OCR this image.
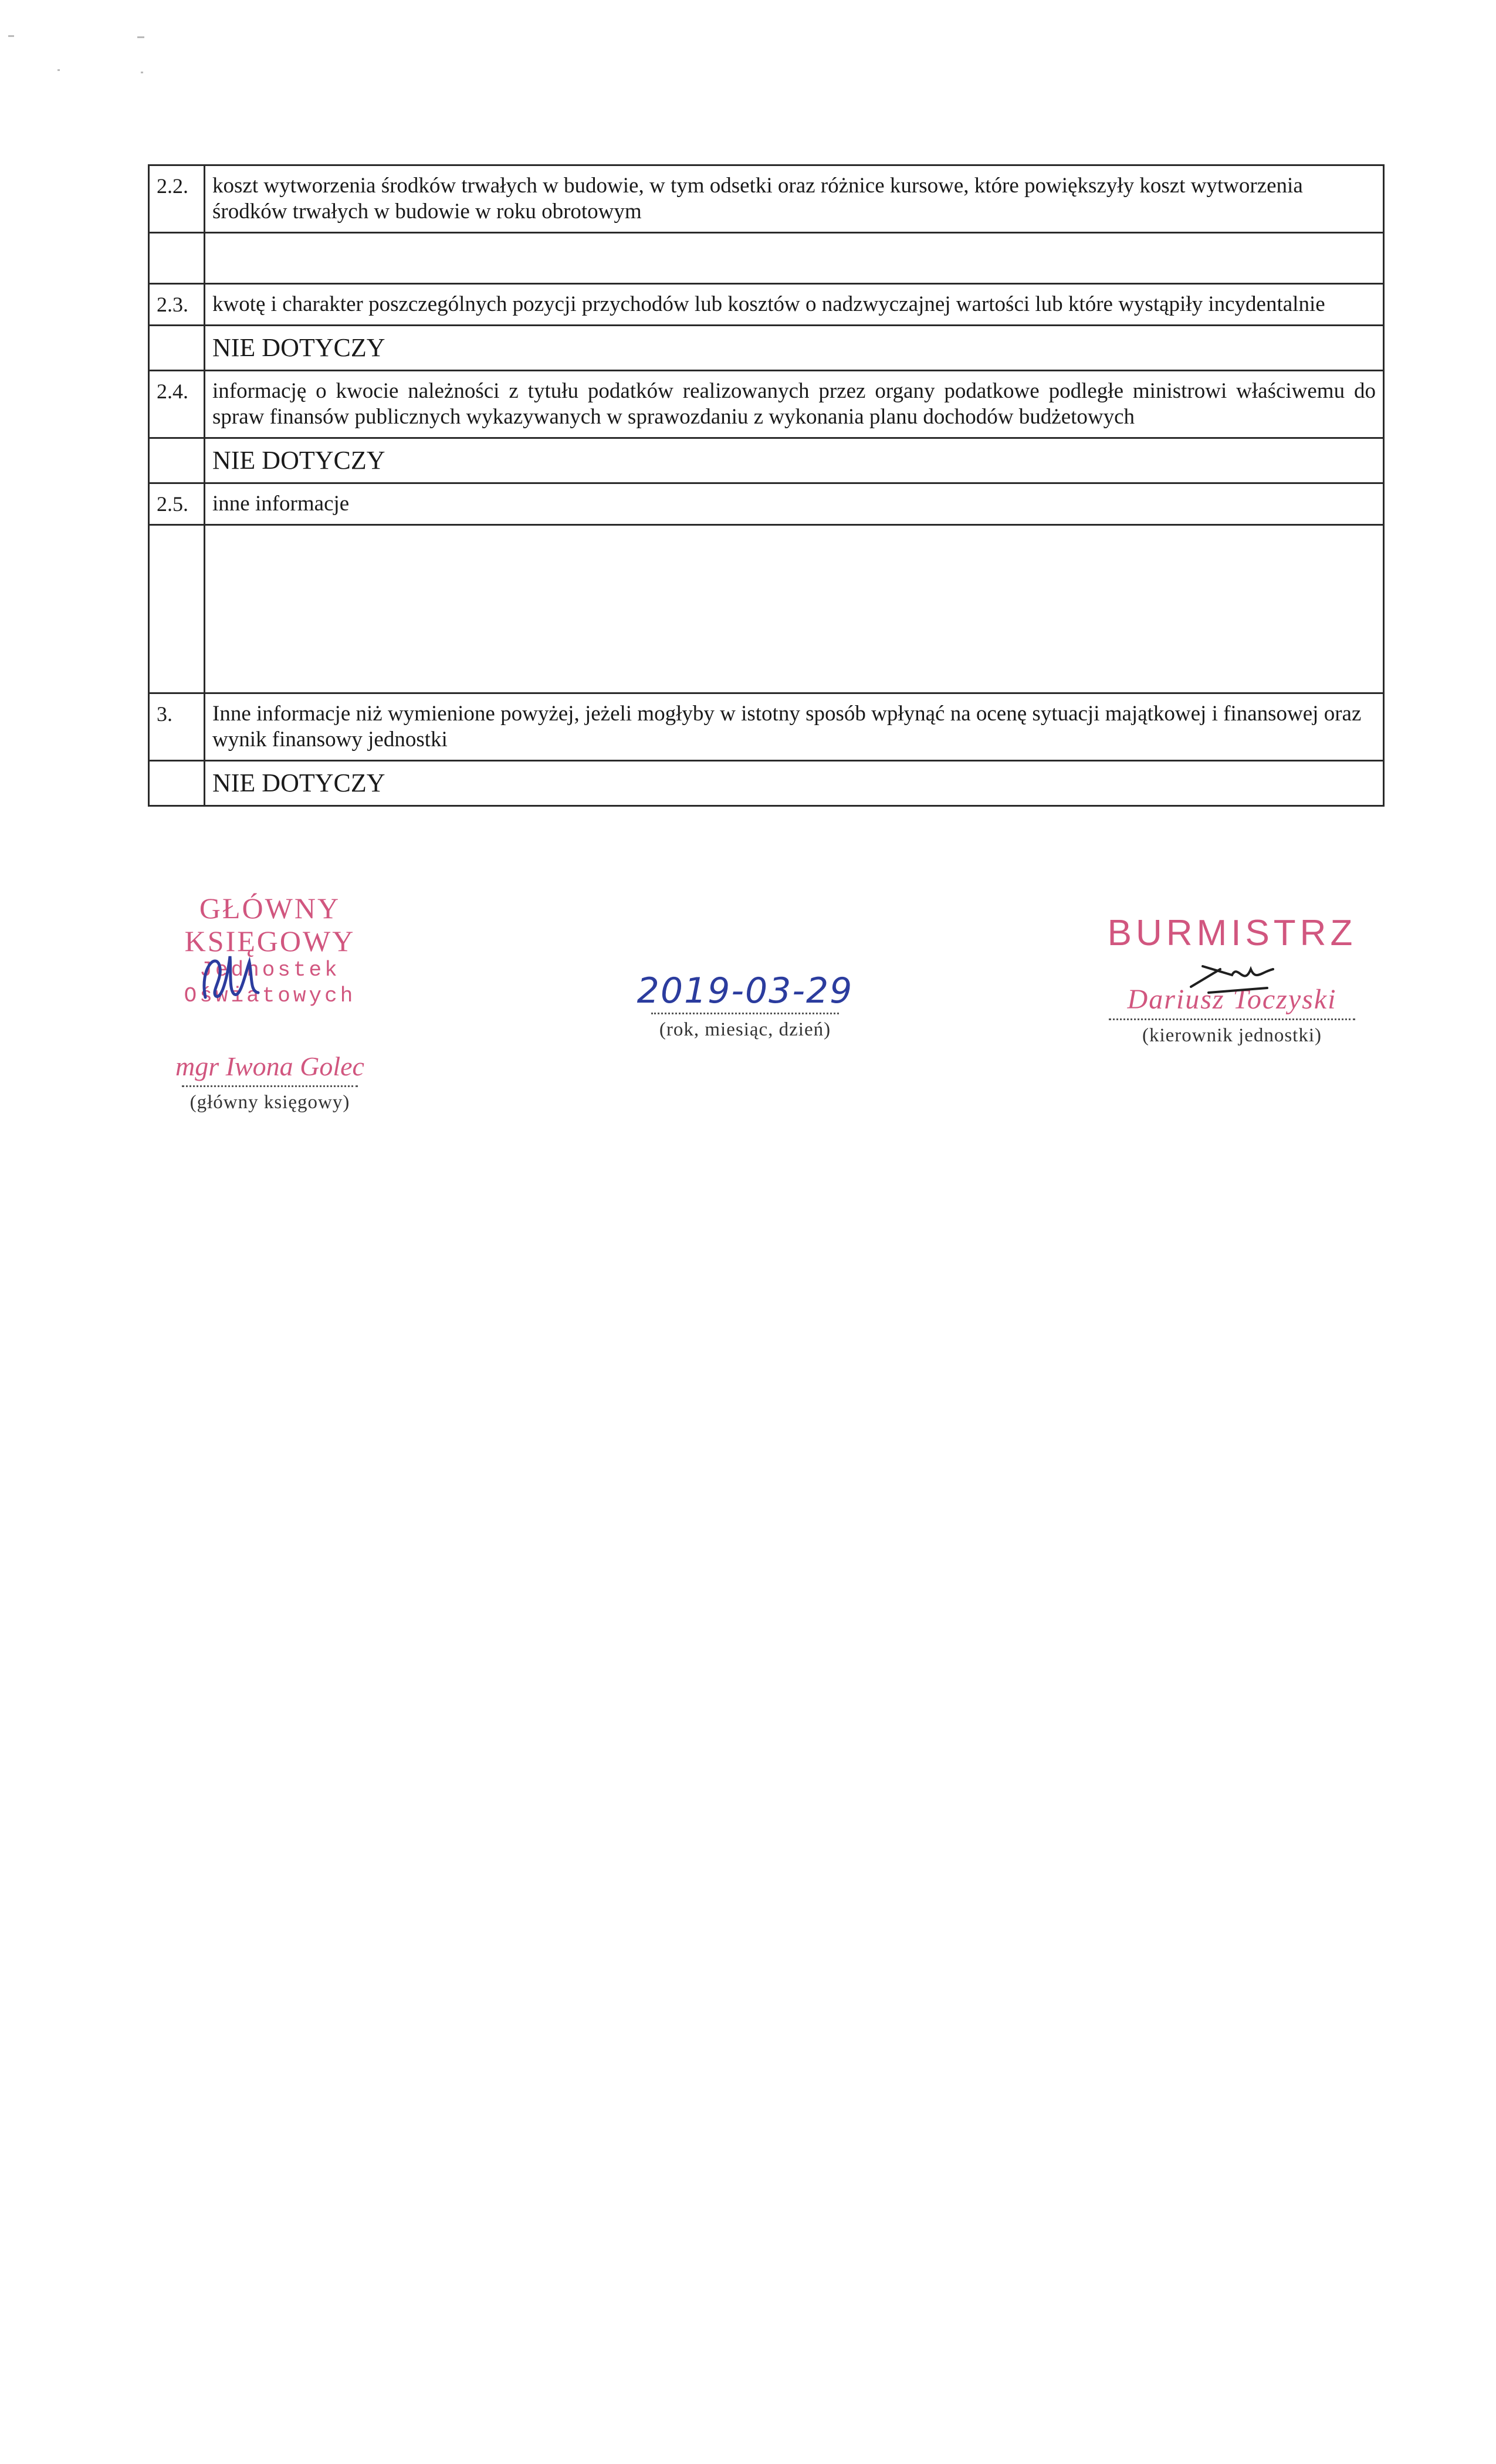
2.2.	koszt wytworzenia środków trwałych w budowie, w tym odsetki oraz różnice kursowe, które powiększyły koszt wytworzenia środków trwałych w budowie w roku obrotowym

2.3.	kwotę i charakter poszczególnych pozycji przychodów lub kosztów o nadzwyczajnej wartości lub które wystąpiły incydentalnie
	NIE DOTYCZY
2.4.	informację o kwocie należności z tytułu podatków realizowanych przez organy podatkowe podległe ministrowi właściwemu do spraw finansów publicznych wykazywanych w sprawozdaniu z wykonania planu dochodów budżetowych
	NIE DOTYCZY
2.5.	inne informacje

3.	Inne informacje niż wymienione powyżej, jeżeli mogłyby w istotny sposób wpłynąć na ocenę sytuacji majątkowej i finansowej oraz wynik finansowy jednostki
	NIE DOTYCZY
GŁÓWNY KSIĘGOWY
Jednostek Oświatowych
mgr Iwona Golec
(główny księgowy)
2019-03-29
(rok, miesiąc, dzień)
BURMISTRZ
Dariusz Toczyski
(kierownik jednostki)
